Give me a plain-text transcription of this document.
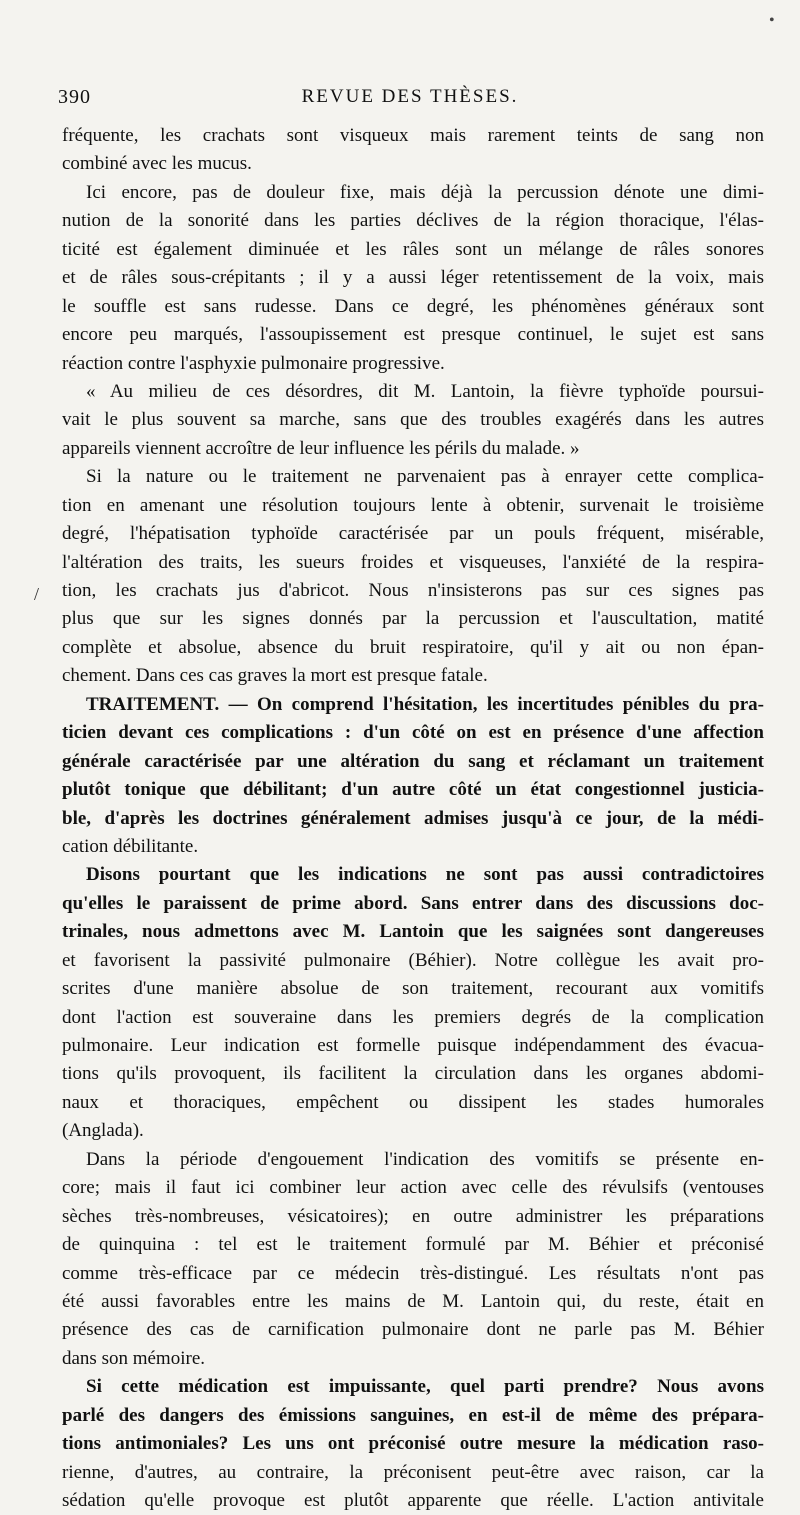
•
390	REVUE DES THÈSES.
/
fréquente, les crachats sont visqueux mais rarement teints de sang non
combiné avec les mucus.
Ici encore, pas de douleur fixe, mais déjà la percussion dénote une dimi-
nution de la sonorité dans les parties déclives de la région thoracique, l'élas-
ticité est également diminuée et les râles sont un mélange de râles sonores
et de râles sous-crépitants ; il y a aussi léger retentissement de la voix, mais
le souffle est sans rudesse. Dans ce degré, les phénomènes généraux sont
encore peu marqués, l'assoupissement est presque continuel, le sujet est sans
réaction contre l'asphyxie pulmonaire progressive.
« Au milieu de ces désordres, dit M. Lantoin, la fièvre typhoïde poursui-
vait le plus souvent sa marche, sans que des troubles exagérés dans les autres
appareils viennent accroître de leur influence les périls du malade. »
Si la nature ou le traitement ne parvenaient pas à enrayer cette complica-
tion en amenant une résolution toujours lente à obtenir, survenait le troisième
degré, l'hépatisation typhoïde caractérisée par un pouls fréquent, misérable,
l'altération des traits, les sueurs froides et visqueuses, l'anxiété de la respira-
tion, les crachats jus d'abricot. Nous n'insisterons pas sur ces signes pas
plus que sur les signes donnés par la percussion et l'auscultation, matité
complète et absolue, absence du bruit respiratoire, qu'il y ait ou non épan-
chement. Dans ces cas graves la mort est presque fatale.
TRAITEMENT. — On comprend l'hésitation, les incertitudes pénibles du pra-
ticien devant ces complications : d'un côté on est en présence d'une affection
générale caractérisée par une altération du sang et réclamant un traitement
plutôt tonique que débilitant; d'un autre côté un état congestionnel justicia-
ble, d'après les doctrines généralement admises jusqu'à ce jour, de la médi-
cation débilitante.
Disons pourtant que les indications ne sont pas aussi contradictoires
qu'elles le paraissent de prime abord. Sans entrer dans des discussions doc-
trinales, nous admettons avec M. Lantoin que les saignées sont dangereuses
et favorisent la passivité pulmonaire (Béhier). Notre collègue les avait pro-
scrites d'une manière absolue de son traitement, recourant aux vomitifs
dont l'action est souveraine dans les premiers degrés de la complication
pulmonaire. Leur indication est formelle puisque indépendamment des évacua-
tions qu'ils provoquent, ils facilitent la circulation dans les organes abdomi-
naux et thoraciques, empêchent ou dissipent les stades humorales
(Anglada).
Dans la période d'engouement l'indication des vomitifs se présente en-
core; mais il faut ici combiner leur action avec celle des révulsifs (ventouses
sèches très-nombreuses, vésicatoires); en outre administrer les préparations
de quinquina : tel est le traitement formulé par M. Béhier et préconisé
comme très-efficace par ce médecin très-distingué. Les résultats n'ont pas
été aussi favorables entre les mains de M. Lantoin qui, du reste, était en
présence des cas de carnification pulmonaire dont ne parle pas M. Béhier
dans son mémoire.
Si cette médication est impuissante, quel parti prendre? Nous avons
parlé des dangers des émissions sanguines, en est-il de même des prépara-
tions antimoniales? Les uns ont préconisé outre mesure la médication raso-
rienne, d'autres, au contraire, la préconisent peut-être avec raison, car la
sédation qu'elle provoque est plutôt apparente que réelle. L'action antivitale
